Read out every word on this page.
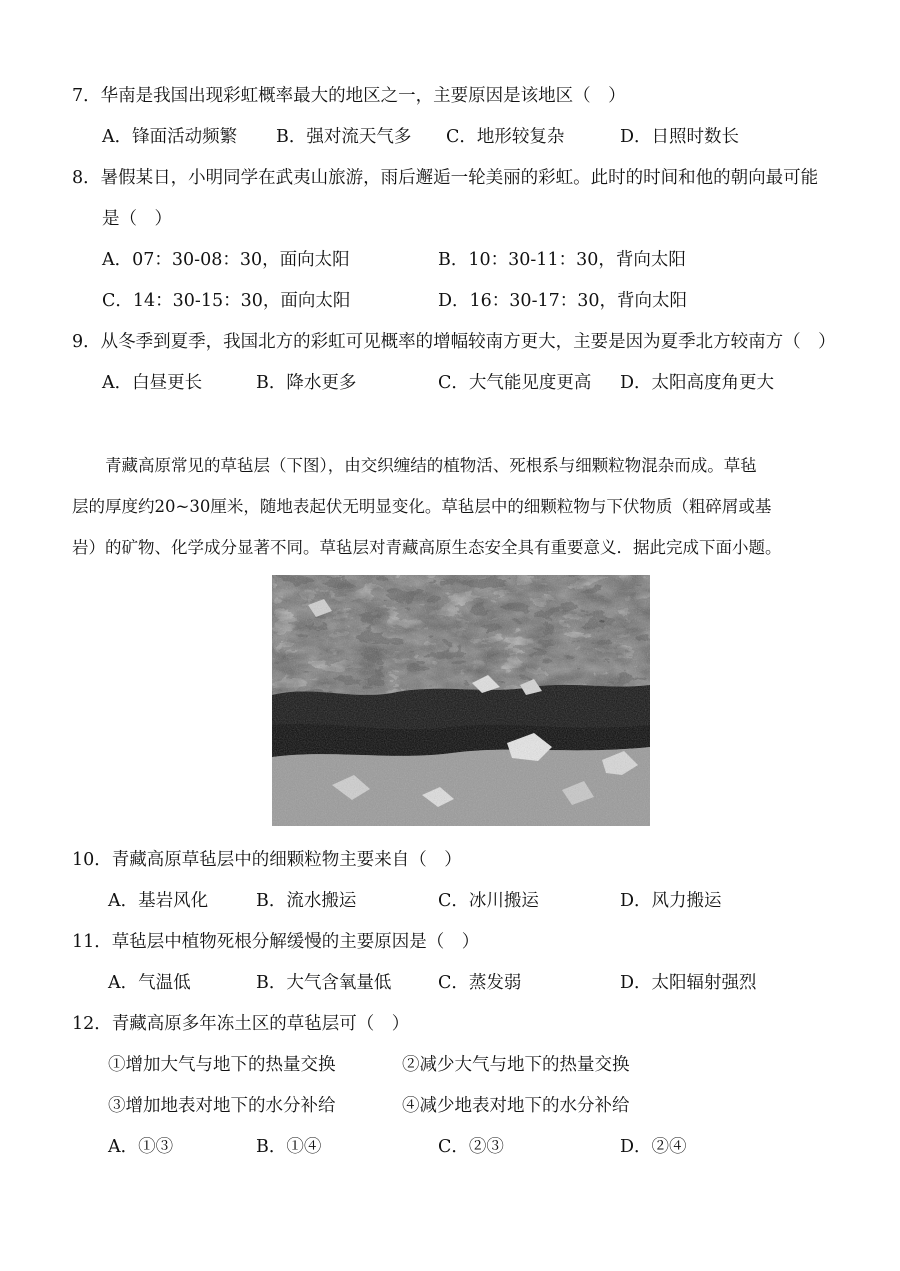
7．华南是我国出现彩虹概率最大的地区之一，主要原因是该地区（　）
A．锋面活动频繁 B．强对流天气多 C．地形较复杂	D．日照时数长
8．暑假某日，小明同学在武夷山旅游，雨后邂逅一轮美丽的彩虹。此时的时间和他的朝向最可能
是（　）
A．07：30-08：30，面向太阳	B．10：30-11：30，背向太阳
C．14：30-15：30，面向太阳	D．16：30-17：30，背向太阳
9．从冬季到夏季，我国北方的彩虹可见概率的增幅较南方更大，主要是因为夏季北方较南方（　）
A．白昼更长	B．降水更多	C．大气能见度更高 D．太阳高度角更大
　　青藏高原常见的草毡层（下图），由交织缠结的植物活、死根系与细颗粒物混杂而成。草毡
层的厚度约20~30厘米，随地表起伏无明显变化。草毡层中的细颗粒物与下伏物质（粗碎屑或基
岩）的矿物、化学成分显著不同。草毡层对青藏高原生态安全具有重要意义．据此完成下面小题。
10．青藏高原草毡层中的细颗粒物主要来自（　）
A．基岩风化	B．流水搬运	C．冰川搬运	D．风力搬运
11．草毡层中植物死根分解缓慢的主要原因是（　）
A．气温低	B．大气含氧量低	C．蒸发弱	D．太阳辐射强烈
12．青藏高原多年冻土区的草毡层可（　）
①增加大气与地下的热量交换	②减少大气与地下的热量交换
③增加地表对地下的水分补给	④减少地表对地下的水分补给
A．①③	B．①④	C．②③	D．②④
